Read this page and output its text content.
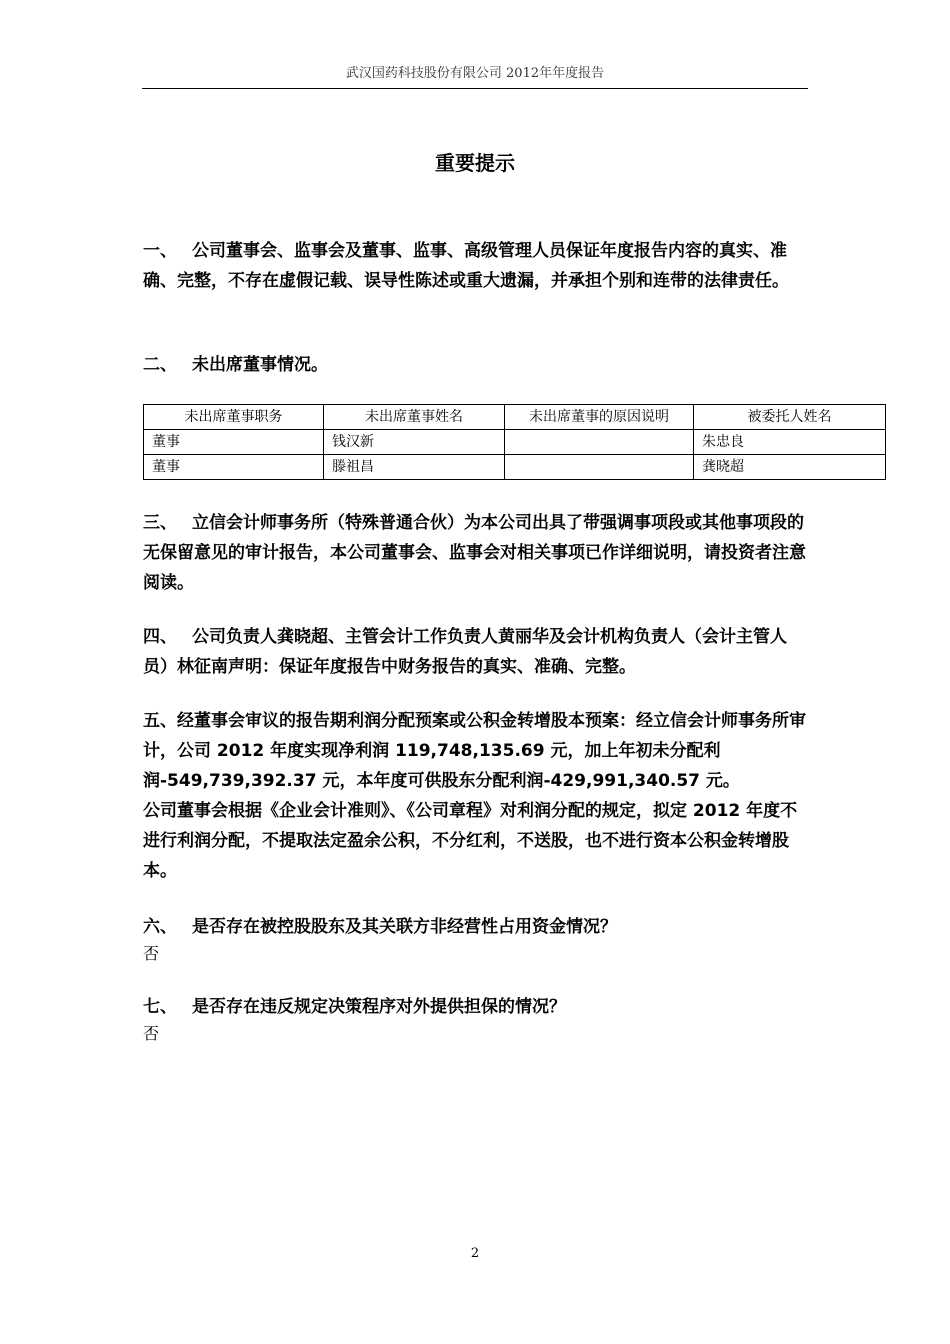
武汉国药科技股份有限公司 2012年年度报告
重要提示

一、 公司董事会、监事会及董事、监事、高级管理人员保证年度报告内容的真实、准确、完整，不存在虚假记载、误导性陈述或重大遗漏，并承担个别和连带的法律责任。

二、 未出席董事情况。

未出席董事职务	未出席董事姓名	未出席董事的原因说明	被委托人姓名
董事	钱汉新		朱忠良
董事	滕祖昌		龚晓超

三、 立信会计师事务所（特殊普通合伙）为本公司出具了带强调事项段或其他事项段的无保留意见的审计报告，本公司董事会、监事会对相关事项已作详细说明，请投资者注意阅读。

四、 公司负责人龚晓超、主管会计工作负责人黄丽华及会计机构负责人（会计主管人员）林征南声明：保证年度报告中财务报告的真实、准确、完整。

五、经董事会审议的报告期利润分配预案或公积金转增股本预案：经立信会计师事务所审计，公司 2012 年度实现净利润 119,748,135.69 元，加上年初未分配利润-549,739,392.37 元，本年度可供股东分配利润-429,991,340.57 元。

公司董事会根据《企业会计准则》、《公司章程》对利润分配的规定，拟定 2012 年度不进行利润分配，不提取法定盈余公积，不分红利，不送股，也不进行资本公积金转增股本。

六、 是否存在被控股股东及其关联方非经营性占用资金情况？

否

七、 是否存在违反规定决策程序对外提供担保的情况？

否
2
